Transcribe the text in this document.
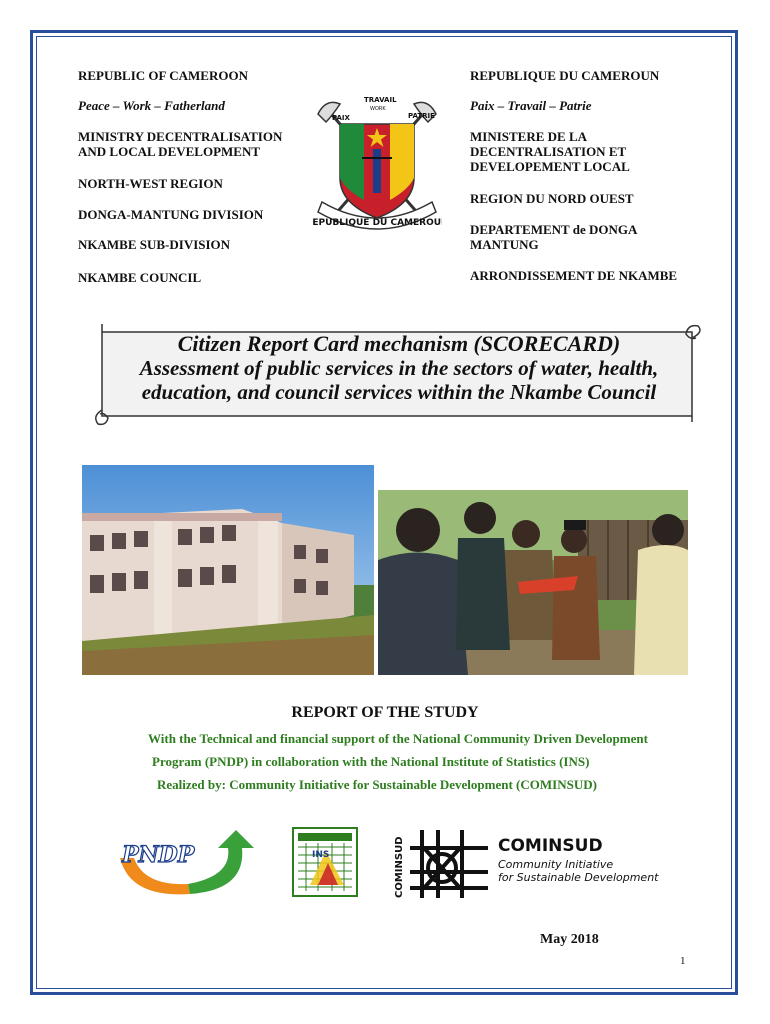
REPUBLIC OF CAMEROON
Peace – Work – Fatherland
MINISTRY DECENTRALISATION AND LOCAL DEVELOPMENT
NORTH-WEST REGION
DONGA-MANTUNG DIVISION
NKAMBE SUB-DIVISION
NKAMBE COUNCIL
REPUBLIQUE DU CAMEROUN
Paix – Travail – Patrie
MINISTERE DE LA DECENTRALISATION ET DEVELOPEMENT LOCAL
REGION DU NORD OUEST
DEPARTEMENT de DONGA MANTUNG
ARRONDISSEMENT DE NKAMBE
REPUBLIQUE DU CAMEROUN
PAIX
TRAVAIL
WORK
PATRIE
Citizen Report Card mechanism (SCORECARD)
Assessment of public services in the sectors of water, health,
education, and council services within the Nkambe Council
REPORT OF THE STUDY
With the Technical and financial support of the National Community Driven Development
Program (PNDP) in collaboration with the National Institute of Statistics (INS)
Realized by: Community Initiative for Sustainable Development (COMINSUD)
PNDP	INS	COMINSUD	COMINSUD
Community Initiative
for Sustainable Development
May 2018
1
